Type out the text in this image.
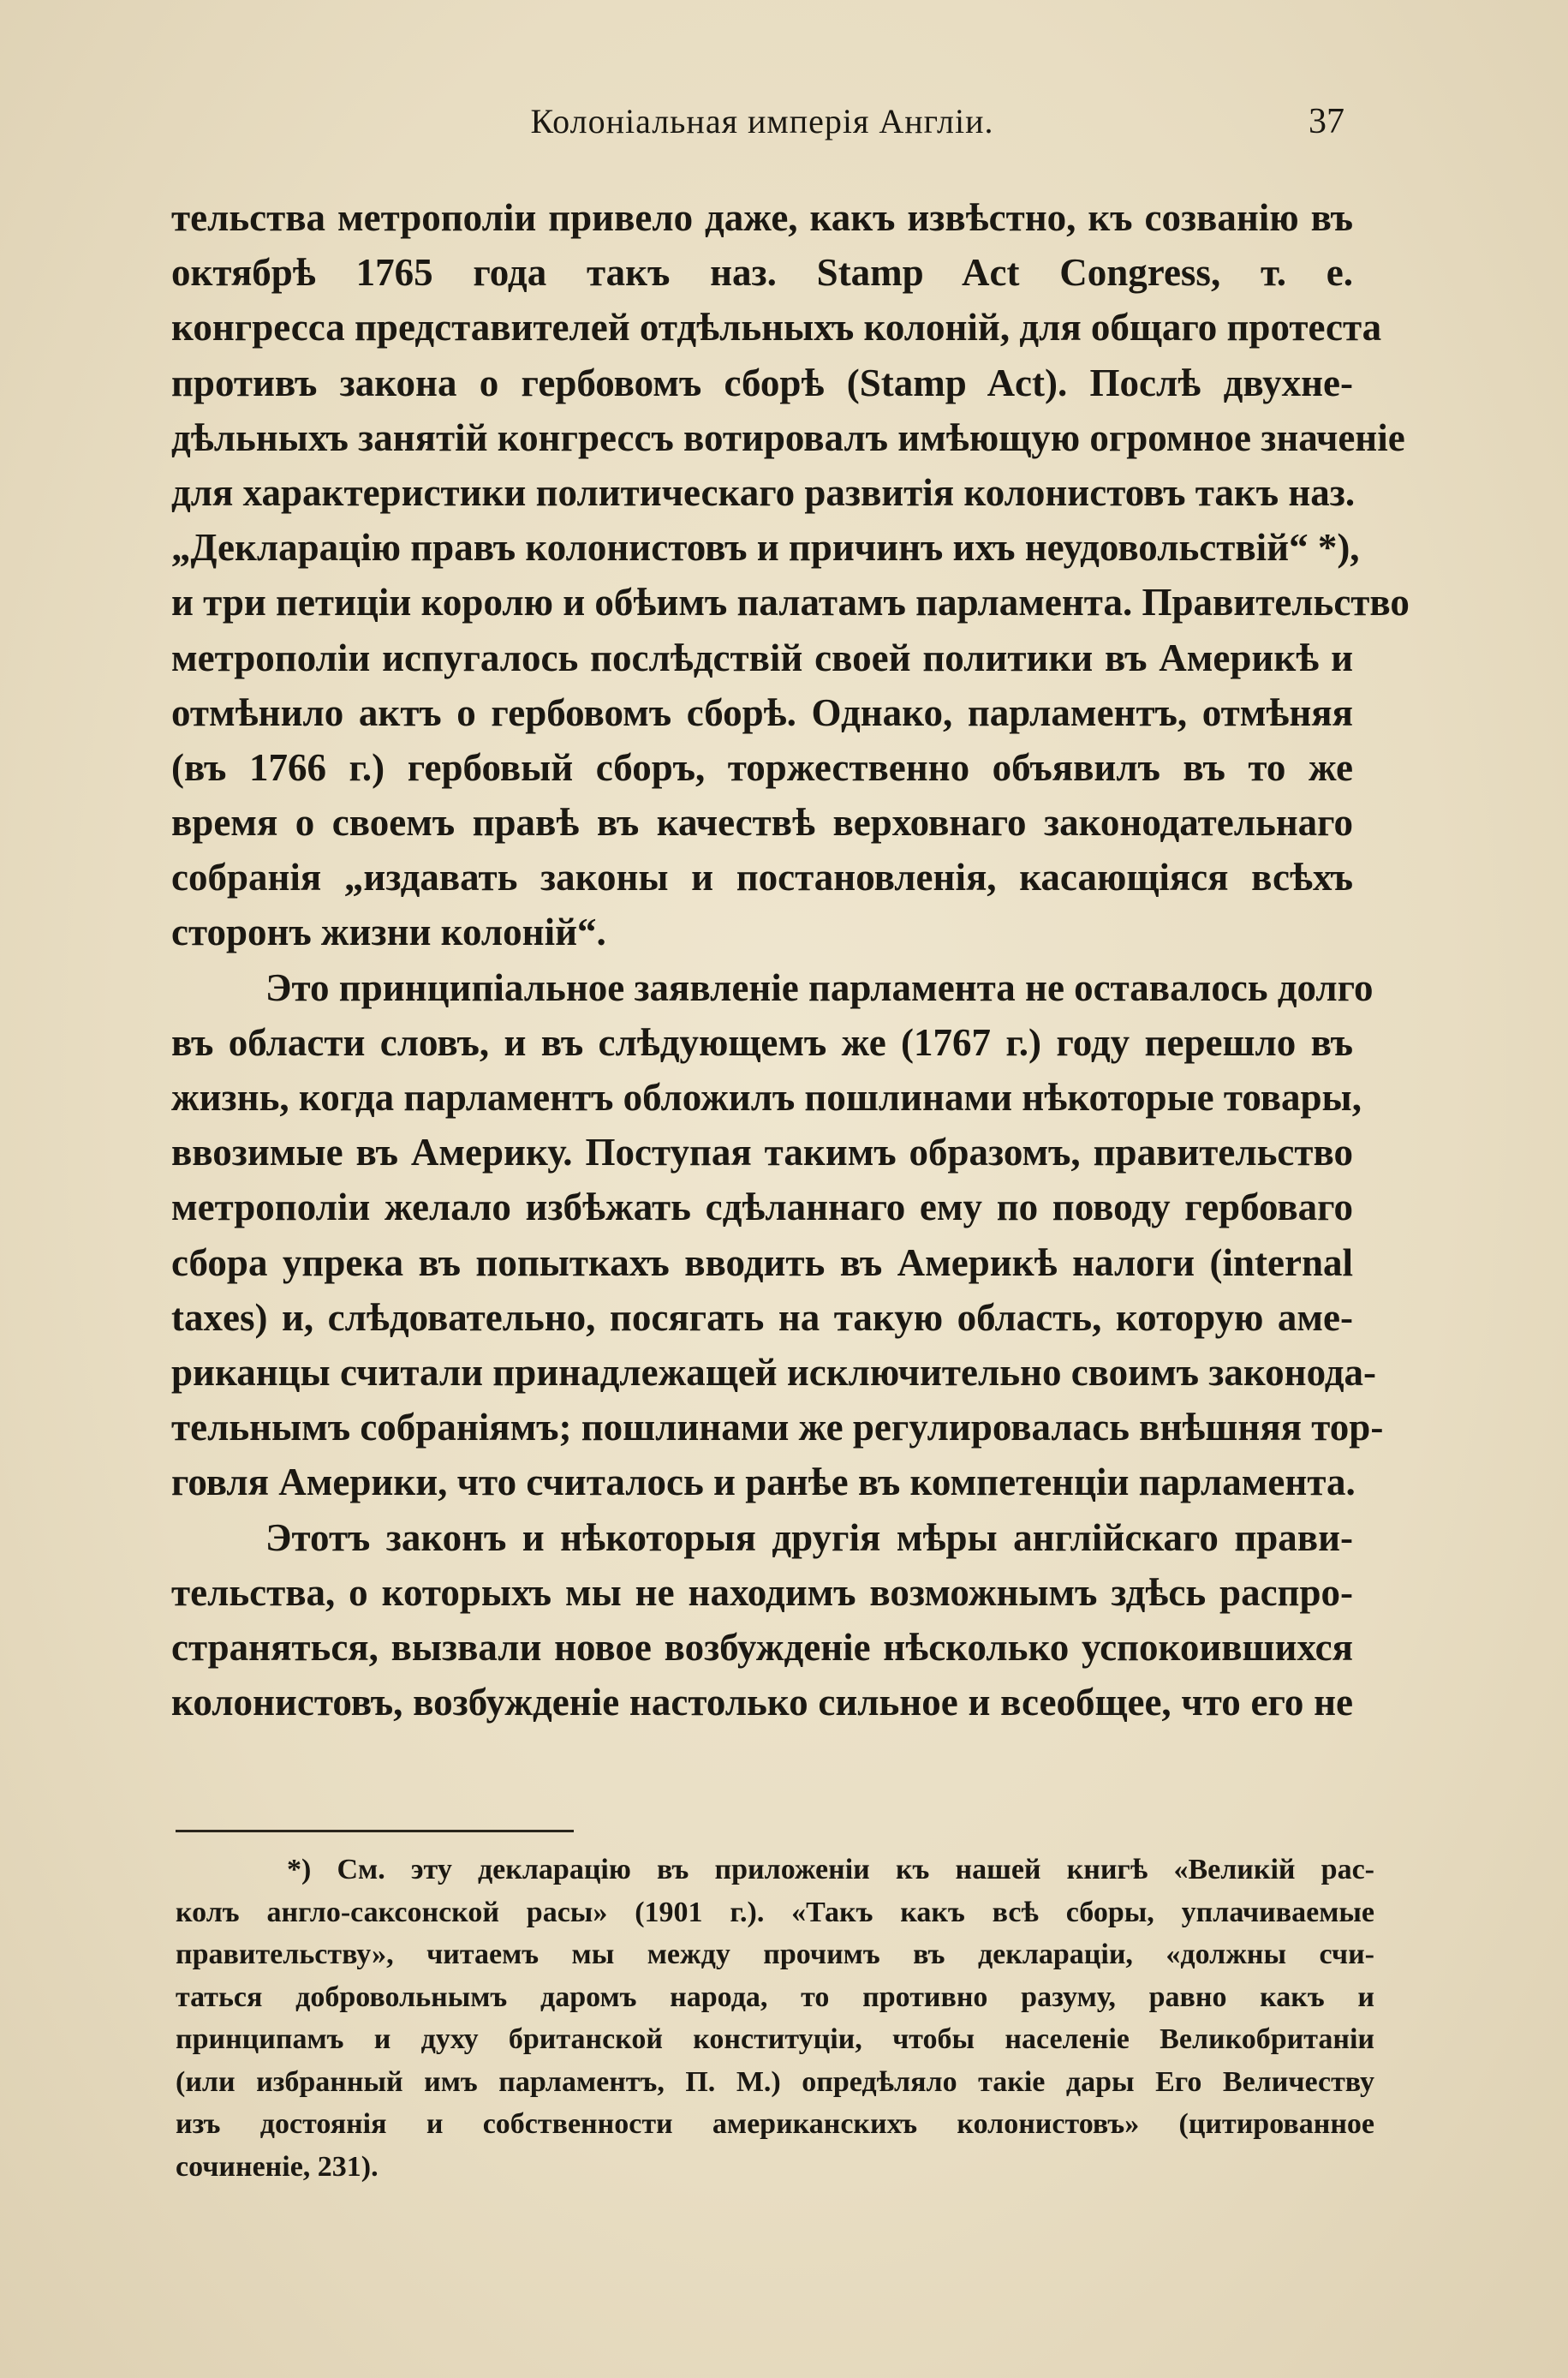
Колоніальная имперія Англіи.	37
тельства метрополіи привело даже, какъ извѣстно, къ созванію въ
октябрѣ 1765 года такъ наз. Stamp Act Congress, т. е.
конгресса представителей отдѣльныхъ колоній, для общаго протеста
противъ закона о гербовомъ сборѣ (Stamp Act). Послѣ двухне-
дѣльныхъ занятій конгрессъ вотировалъ имѣющую огромное значеніе
для характеристики политическаго развитія колонистовъ такъ наз.
„Декларацію правъ колонистовъ и причинъ ихъ неудовольствій“ *),
и три петиціи королю и обѣимъ палатамъ парламента. Правительство
метрополіи испугалось послѣдствій своей политики въ Америкѣ и
отмѣнило актъ о гербовомъ сборѣ. Однако, парламентъ, отмѣняя
(въ 1766 г.) гербовый сборъ, торжественно объявилъ въ то же
время о своемъ правѣ въ качествѣ верховнаго законодательнаго
собранія „издавать законы и постановленія, касающіяся всѣхъ
сторонъ жизни колоній“.
Это принципіальное заявленіе парламента не оставалось долго
въ области словъ, и въ слѣдующемъ же (1767 г.) году перешло въ
жизнь, когда парламентъ обложилъ пошлинами нѣкоторые товары,
ввозимые въ Америку. Поступая такимъ образомъ, правительство
метрополіи желало избѣжать сдѣланнаго ему по поводу гербоваго
сбора упрека въ попыткахъ вводить въ Америкѣ налоги (internal
taxes) и, слѣдовательно, посягать на такую область, которую аме-
риканцы считали принадлежащей исключительно своимъ законода-
тельнымъ собраніямъ; пошлинами же регулировалась внѣшняя тор-
говля Америки, что считалось и ранѣе въ компетенціи парламента.
Этотъ законъ и нѣкоторыя другія мѣры англійскаго прави-
тельства, о которыхъ мы не находимъ возможнымъ здѣсь распро-
страняться, вызвали новое возбужденіе нѣсколько успокоившихся
колонистовъ, возбужденіе настолько сильное и всеобщее, что его не
*) См. эту декларацію въ приложеніи къ нашей книгѣ «Великій рас-
колъ англо-саксонской расы» (1901 г.). «Такъ какъ всѣ сборы, уплачиваемые
правительству», читаемъ мы между прочимъ въ деклараціи, «должны счи-
таться добровольнымъ даромъ народа, то противно разуму, равно какъ и
принципамъ и духу британской конституціи, чтобы населеніе Великобританіи
(или избранный имъ парламентъ, П. М.) опредѣляло такіе дары Его Величеству
изъ достоянія и собственности американскихъ колонистовъ» (цитированное
сочиненіе, 231).
